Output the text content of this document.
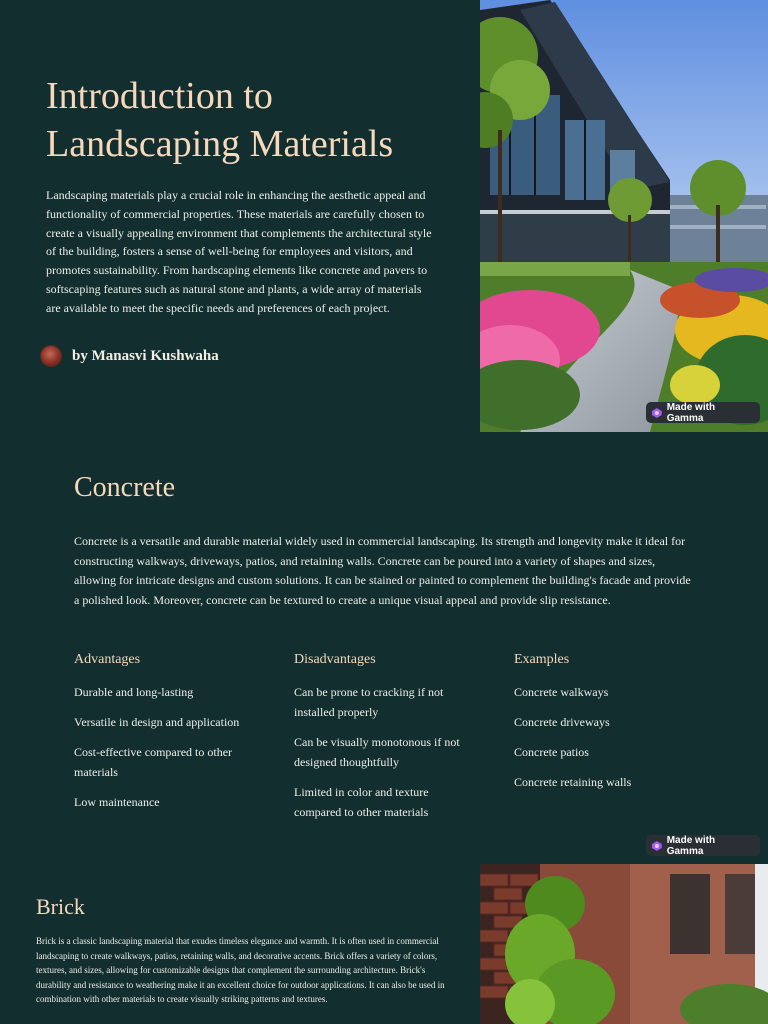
Introduction to Landscaping Materials

Landscaping materials play a crucial role in enhancing the aesthetic appeal and functionality of commercial properties. These materials are carefully chosen to create a visually appealing environment that complements the architectural style of the building, fosters a sense of well-being for employees and visitors, and promotes sustainability. From hardscaping elements like concrete and pavers to softscaping features such as natural stone and plants, a wide array of materials are available to meet the specific needs and preferences of each project.

by Manasvi Kushwaha
Made with Gamma
Concrete

Concrete is a versatile and durable material widely used in commercial landscaping. Its strength and longevity make it ideal for constructing walkways, driveways, patios, and retaining walls. Concrete can be poured into a variety of shapes and sizes, allowing for intricate designs and custom solutions. It can be stained or painted to complement the building's facade and provide a polished look. Moreover, concrete can be textured to create a unique visual appeal and provide slip resistance.

Advantages
Durable and long-lasting
Versatile in design and application
Cost-effective compared to other materials
Low maintenance
Disadvantages
Can be prone to cracking if not installed properly
Can be visually monotonous if not designed thoughtfully
Limited in color and texture compared to other materials
Examples
Concrete walkways
Concrete driveways
Concrete patios
Concrete retaining walls
Made with Gamma
Brick

Brick is a classic landscaping material that exudes timeless elegance and warmth. It is often used in commercial landscaping to create walkways, patios, retaining walls, and decorative accents. Brick offers a variety of colors, textures, and sizes, allowing for customizable designs that complement the surrounding architecture. Brick's durability and resistance to weathering make it an excellent choice for outdoor applications. It can also be used in combination with other materials to create visually striking patterns and textures.
